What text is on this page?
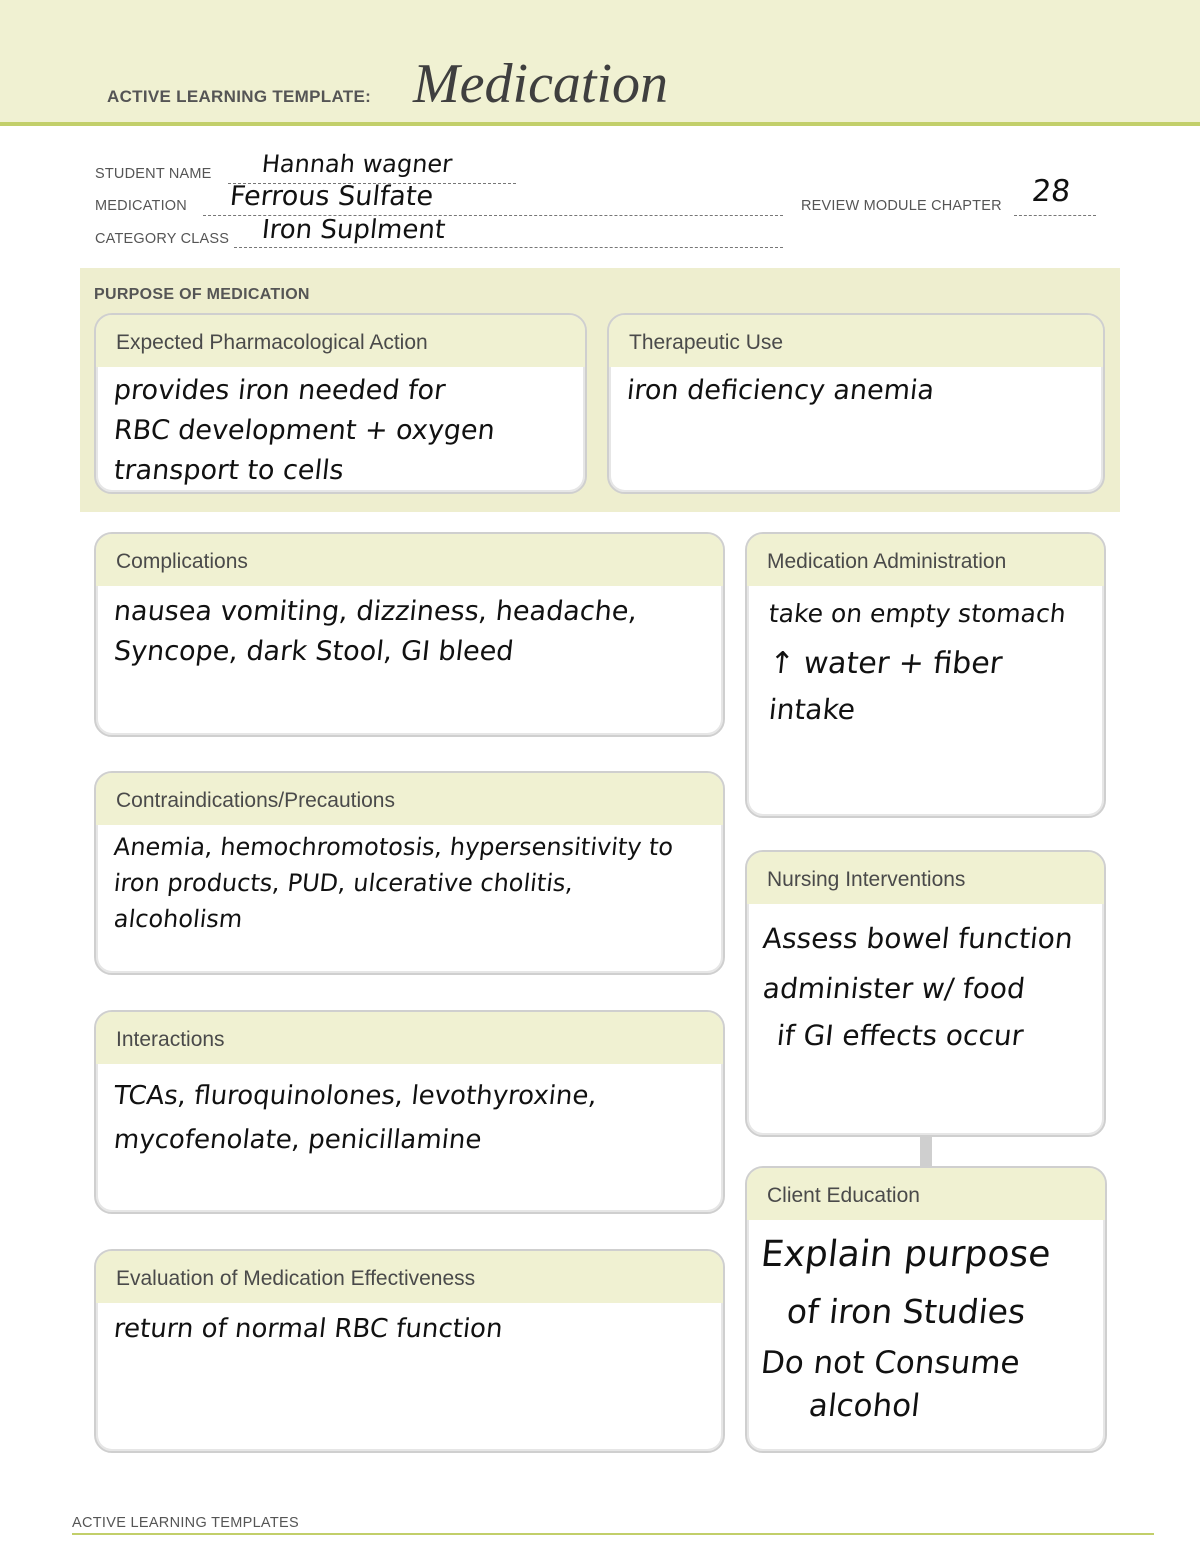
ACTIVE LEARNING TEMPLATE: Medication
STUDENT NAME Hannah wagner
MEDICATION Ferrous Sulfate	REVIEW MODULE CHAPTER 28
CATEGORY CLASS Iron Suplment
PURPOSE OF MEDICATION
Expected Pharmacological Action
provides iron needed for
RBC development + oxygen
transport to cells
Therapeutic Use
iron deficiency anemia
Complications
nausea vomiting, dizziness, headache,
Syncope, dark Stool, GI bleed
Medication Administration
take on empty stomach
↑ water + fiber
intake
Contraindications/Precautions
Anemia, hemochromotosis, hypersensitivity to
iron products, PUD, ulcerative cholitis,
alcoholism
Nursing Interventions
Assess bowel function
administer w/ food
if GI effects occur
Interactions
TCAs, fluroquinolones, levothyroxine,
mycofenolate, penicillamine
Client Education
Explain purpose
of iron Studies
Do not Consume
alcohol
Evaluation of Medication Effectiveness
return of normal RBC function
ACTIVE LEARNING TEMPLATES
